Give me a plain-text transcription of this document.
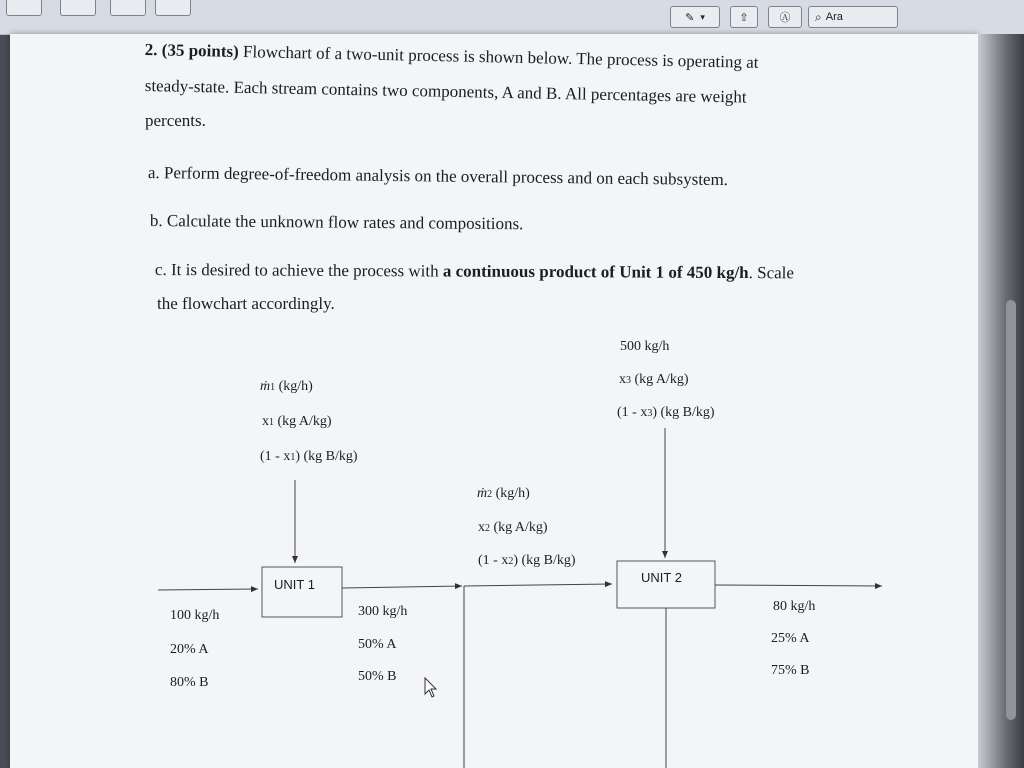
✎ ▾	⇧	Ⓐ ⌕ Ara
2. (35 points) Flowchart of a two-unit process is shown below. The process is operating at
steady-state. Each stream contains two components, A and B. All percentages are weight
percents.
a. Perform degree-of-freedom analysis on the overall process and on each subsystem.
b. Calculate the unknown flow rates and compositions.
c. It is desired to achieve the process with a continuous product of Unit 1 of 450 kg/h. Scale
the flowchart accordingly.
UNIT 1	UNIT 2
ṁ1 (kg/h)
x1 (kg A/kg)
(1 - x1) (kg B/kg)
ṁ2 (kg/h)
x2 (kg A/kg)
(1 - x2) (kg B/kg)
500 kg/h
x3 (kg A/kg)
(1 - x3) (kg B/kg)
100 kg/h
20% A
80% B
300 kg/h
50% A
50% B
80 kg/h
25% A
75% B
